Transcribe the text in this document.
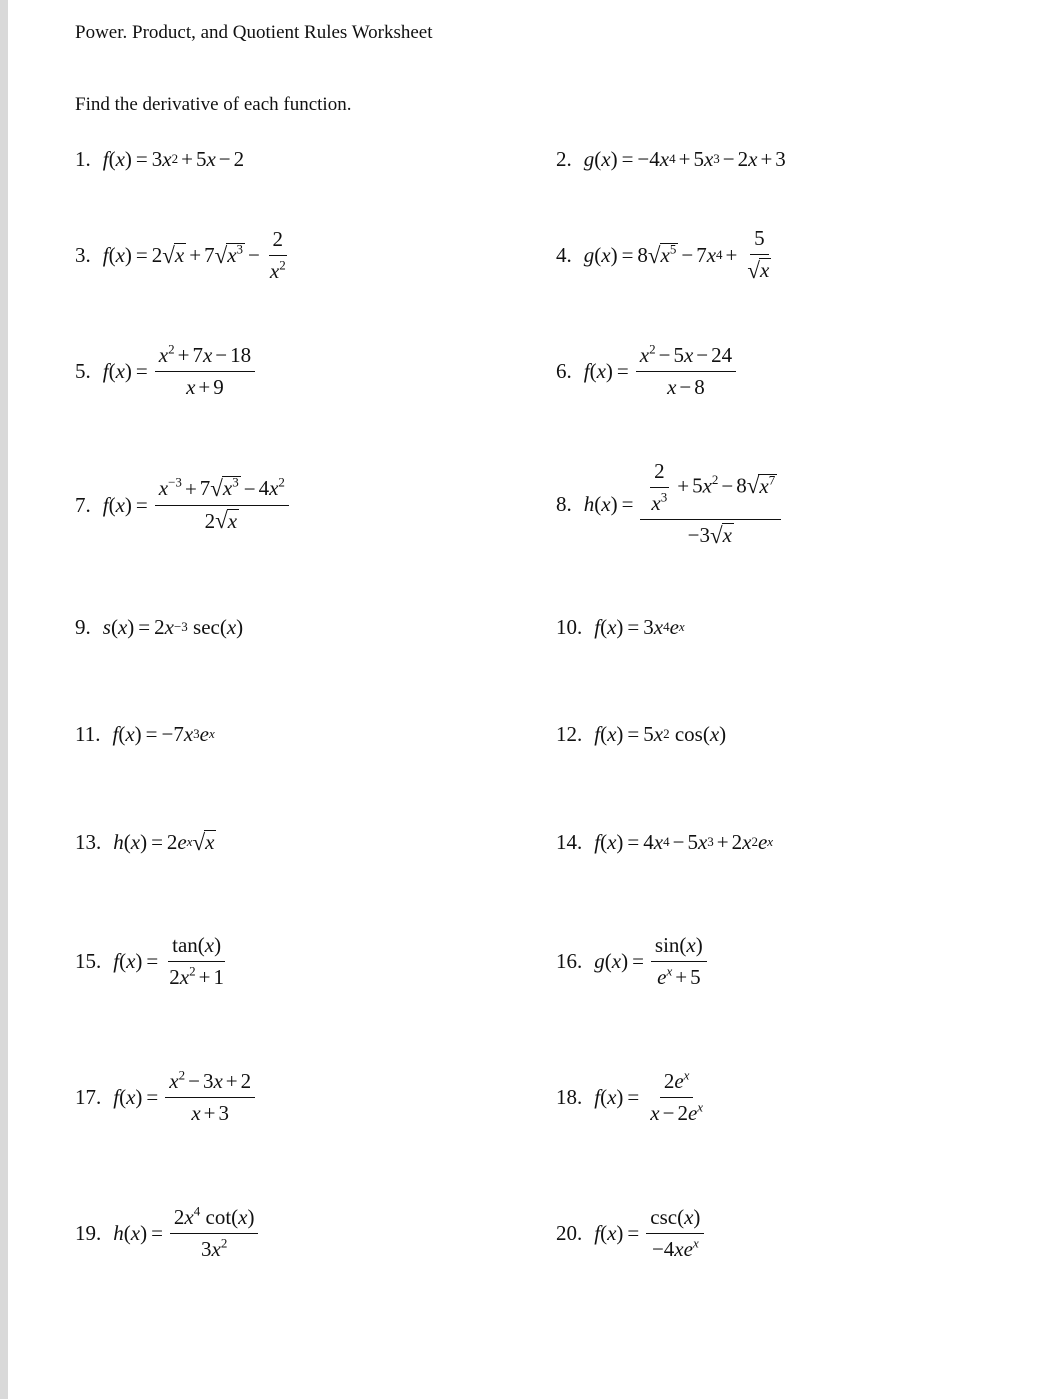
Power. Product, and Quotient Rules Worksheet
Find the derivative of each function.
1. f ( x ) = 3 x 2 + 5 x − 2	2. g ( x ) = −4 x 4 + 5 x 3 − 2 x + 3
3. f ( x ) = 2 √ x + 7 √ $x^3 - \frac{2}{x^2}$	4. g ( x ) = 8 √ $x^5 - 7$ x $4 + \frac{5}{√ x}$
5. f ( x ) = $\frac{x^2 + 7x - 18}{x + 9}$	6. f ( x ) = $\frac{x^2 - 5x - 24}{x - 8}$
7. f ( x ) = $\frac{x^{-3} + 7 √ x^3 - 4x^2}{2 √ x}$	8. h ( x ) = $\frac{\frac{2}{x^3} + 5x^2 - 8 √ x^7}{-3 √ x}$
9. s ( x ) = 2 x −3 sec( x )	10. f ( x ) = 3 x 4 e x
11. f ( x ) = −7 x 3 e x	12. f ( x ) = 5 x 2 cos( x )
13. h ( x ) = 2 e x √ x	14. f ( x ) = 4 x 4 − 5 x 3 + 2 x 2 e x
15. f ( x ) = $\frac{\tan(x)}{2x^2 + 1}$	16. g ( x ) = $\frac{\sin(x)}{e^x + 5}$
17. f ( x ) = $\frac{x^2 - 3x + 2}{x + 3}$	18. f ( x ) = $\frac{2e^x}{x - 2e^x}$
19. h ( x ) = $\frac{2x^4 \cot(x)}{3x^2}$	20. f ( x ) = $\frac{\csc(x)}{-4xe^x}$
